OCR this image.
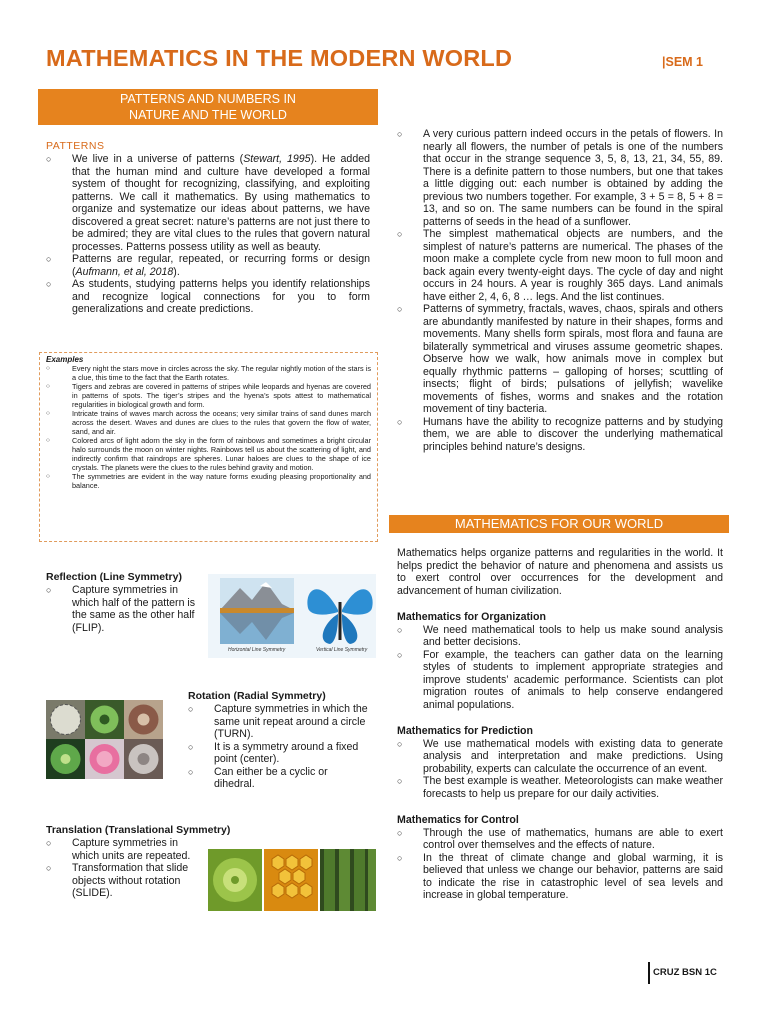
MATHEMATICS IN THE MODERN WORLD	|SEM 1
PATTERNS AND NUMBERS IN
NATURE AND THE WORLD
PATTERNS
○ We live in a universe of patterns (Stewart, 1995). He added that the human mind and culture have developed a formal system of thought for recognizing, classifying, and exploiting patterns. We call it mathematics. By using mathematics to organize and systematize our ideas about patterns, we have discovered a great secret: nature’s patterns are not just there to be admired; they are vital clues to the rules that govern natural processes. Patterns possess utility as well as beauty.
○ Patterns are regular, repeated, or recurring forms or design (Aufmann, et al, 2018).
○ As students, studying patterns helps you identify relationships and recognize logical connections for you to form generalizations and create predictions.
Examples
○ Every night the stars move in circles across the sky. The regular nightly motion of the stars is a clue, this time to the fact that the Earth rotates.
○ Tigers and zebras are covered in patterns of stripes while leopards and hyenas are covered in patterns of spots. The tiger’s stripes and the hyena’s spots attest to mathematical regularities in biological growth and form.
○ Intricate trains of waves march across the oceans; very similar trains of sand dunes march across the desert. Waves and dunes are clues to the rules that govern the flow of water, sand, and air.
○ Colored arcs of light adorn the sky in the form of rainbows and sometimes a bright circular halo surrounds the moon on winter nights. Rainbows tell us about the scattering of light, and indirectly confirm that raindrops are spheres. Lunar haloes are clues to the shape of ice crystals. The planets were the clues to the rules behind gravity and motion.
○ The symmetries are evident in the way nature forms exuding pleasing proportionality and balance.
Reflection (Line Symmetry)
○ Capture symmetries in which half of the pattern is the same as the other half (FLIP).
Horizontal Line Symmetry	Vertical Line Symmetry
Rotation (Radial Symmetry)
○ Capture symmetries in which the same unit repeat around a circle (TURN).
○ It is a symmetry around a fixed point (center).
○ Can either be a cyclic or dihedral.
Translation (Translational Symmetry)
○ Capture symmetries in which units are repeated.
○ Transformation that slide objects without rotation (SLIDE).
○ A very curious pattern indeed occurs in the petals of flowers. In nearly all flowers, the number of petals is one of the numbers that occur in the strange sequence 3, 5, 8, 13, 21, 34, 55, 89. There is a definite pattern to those numbers, but one that takes a little digging out: each number is obtained by adding the previous two numbers together. For example, 3 + 5 = 8, 5 + 8 = 13, and so on. The same numbers can be found in the spiral patterns of seeds in the head of a sunflower.
○ The simplest mathematical objects are numbers, and the simplest of nature’s patterns are numerical. The phases of the moon make a complete cycle from new moon to full moon and back again every twenty-eight days. The cycle of day and night occurs in 24 hours. A year is roughly 365 days. Land animals have either 2, 4, 6, 8 … legs. And the list continues.
○ Patterns of symmetry, fractals, waves, chaos, spirals and others are abundantly manifested by nature in their shapes, forms and movements. Many shells form spirals, most flora and fauna are bilaterally symmetrical and viruses assume geometric shapes. Observe how we walk, how animals move in complex but equally rhythmic patterns – galloping of horses; scuttling of insects; flight of birds; pulsations of jellyfish; wavelike movements of fishes, worms and snakes and the rotation movement of tiny bacteria.
○ Humans have the ability to recognize patterns and by studying them, we are able to discover the underlying mathematical principles behind nature’s designs.
MATHEMATICS FOR OUR WORLD

Mathematics helps organize patterns and regularities in the world. It helps predict the behavior of nature and phenomena and assists us to exert control over occurrences for the development and advancement of human civilization.

Mathematics for Organization
○ We need mathematical tools to help us make sound analysis and better decisions.
○ For example, the teachers can gather data on the learning styles of students to implement appropriate strategies and improve students’ academic performance. Scientists can plot migration routes of animals to help conserve endangered animal populations.
Mathematics for Prediction
○ We use mathematical models with existing data to generate analysis and interpretation and make predictions. Using probability, experts can calculate the occurrence of an event.
○ The best example is weather. Meteorologists can make weather forecasts to help us prepare for our daily activities.
Mathematics for Control
○ Through the use of mathematics, humans are able to exert control over themselves and the effects of nature.
○ In the threat of climate change and global warming, it is believed that unless we change our behavior, patterns are said to indicate the rise in catastrophic level of sea levels and increase in global temperature.
CRUZ BSN 1C
